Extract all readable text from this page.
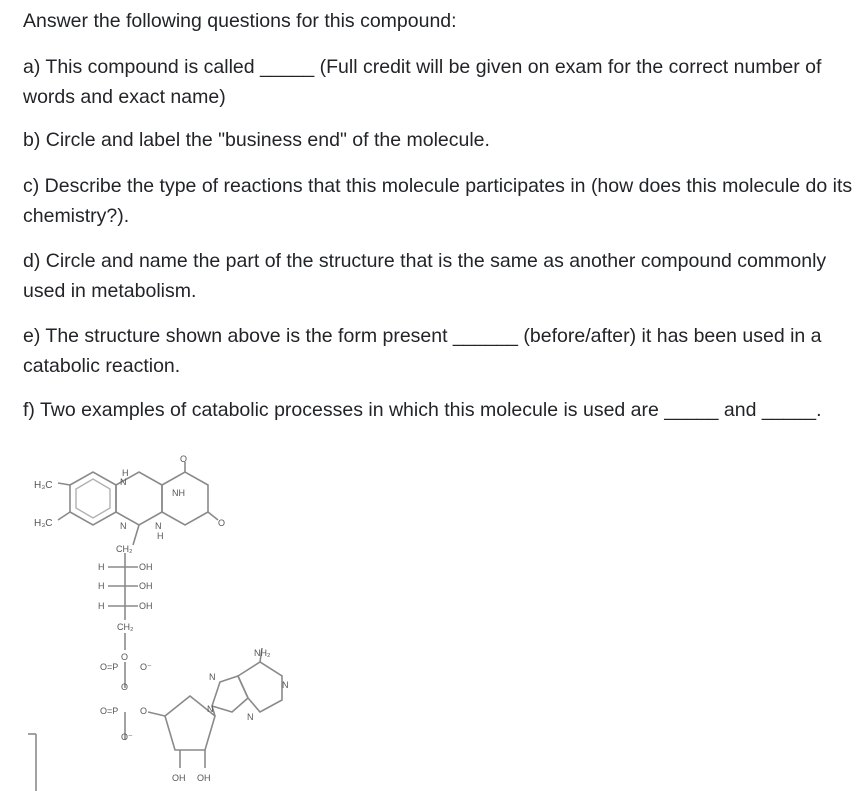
Answer the following questions for this compound:

a) This compound is called _____ (Full credit will be given on exam for the correct number of words and exact name)

b) Circle and label the "business end" of the molecule.

c) Describe the type of reactions that this molecule participates in (how does this molecule do its chemistry?).

d) Circle and name the part of the structure that is the same as another compound commonly used in metabolism.

e) The structure shown above is the form present ______ (before/after) it has been used in a catabolic reaction.

f) Two examples of catabolic processes in which this molecule is used are _____ and _____.

H₃C
H₃C
H
N
O
NH
N	N
H
O
CH₂
H	OH
H	OH
H	OH
CH₂
O
O=P O⁻
O
O=P O
O⁻
NH₂
N
N
N
N
OH OH
